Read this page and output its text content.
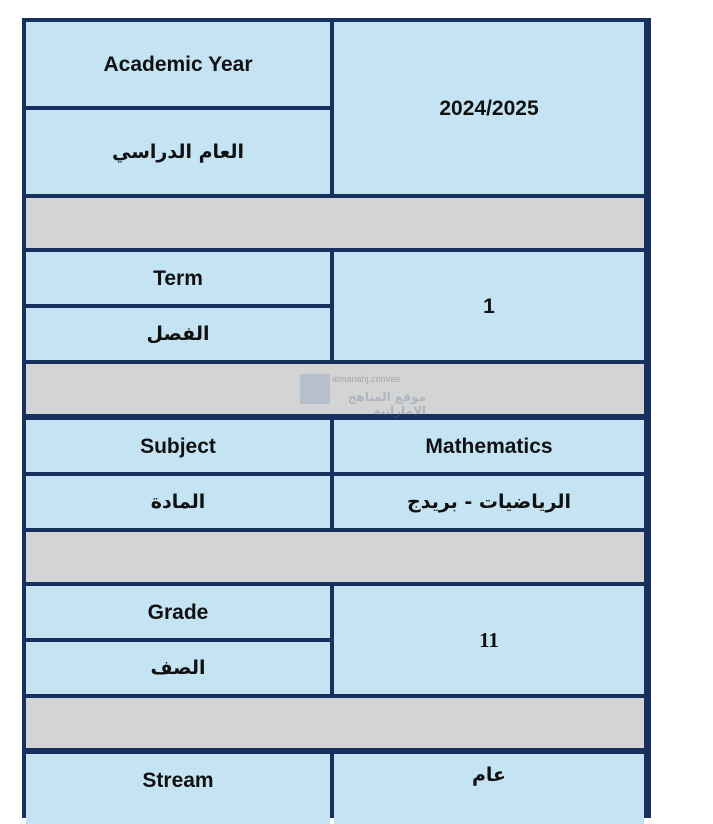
Academic Year
العام الدراسي
2024/2025
Term
الفصل
1
Subject	Mathematics
المادة	الرياضيات - بريدج
Grade
الصف
11
Stream	عام
almanahj.com/ae
موقع المناهج الإماراتية
